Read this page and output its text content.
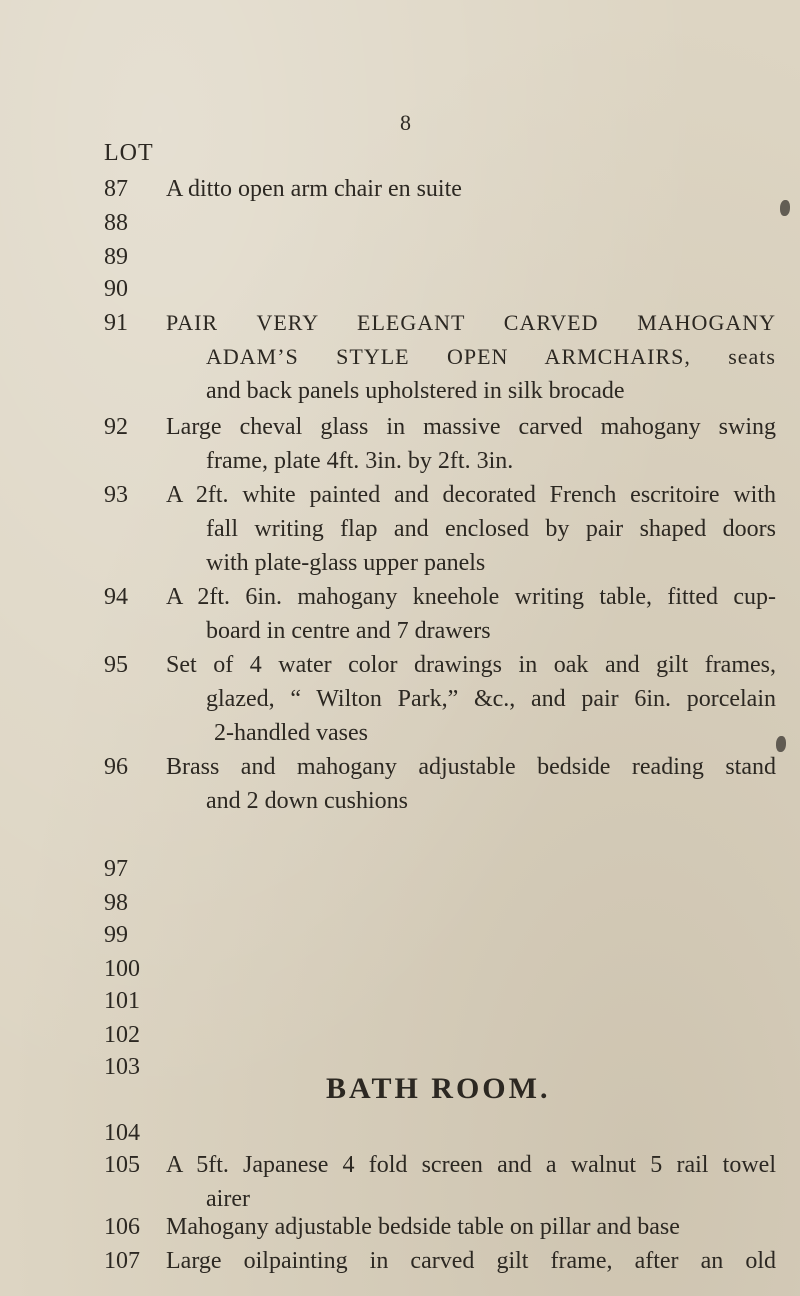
8
LOT
87	A ditto open arm chair en suite
88
89
90
91	PAIR VERY ELEGANT CARVED MAHOGANY
ADAM’S STYLE OPEN ARMCHAIRS, seats
and back panels upholstered in silk brocade
92	Large cheval glass in massive carved mahogany swing
frame, plate 4ft. 3in. by 2ft. 3in.
93	A 2ft. white painted and decorated French escritoire with
fall writing flap and enclosed by pair shaped doors
with plate-glass upper panels
94	A 2ft. 6in. mahogany kneehole writing table, fitted cup-
board in centre and 7 drawers
95	Set of 4 water color drawings in oak and gilt frames,
glazed, “ Wilton Park,” &c., and pair 6in. porcelain
2-handled vases
96	Brass and mahogany adjustable bedside reading stand
and 2 down cushions
97
98
99
100
101
102
103
BATH ROOM.
104
105	A 5ft. Japanese 4 fold screen and a walnut 5 rail towel
airer
106	Mahogany adjustable bedside table on pillar and base
107	Large oilpainting in carved gilt frame, after an old
